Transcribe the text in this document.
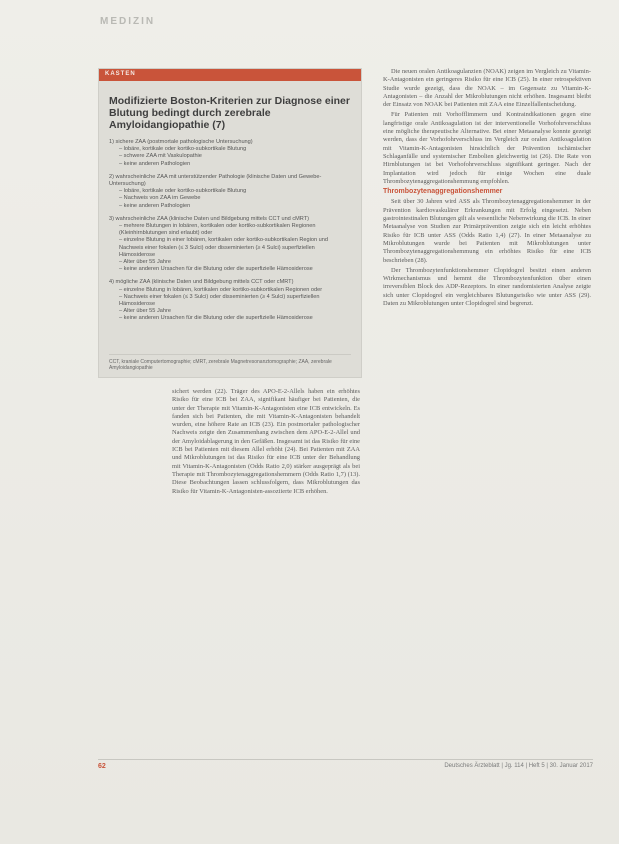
MEDIZIN
KASTEN
Modifizierte Boston-Kriterien zur Diagnose einer Blutung bedingt durch zerebrale Amyloidangiopathie (7)

1) sichere ZAA (postmortale pathologische Untersuchung)

– lobäre, kortikale oder kortiko-subkortikale Blutung

– schwere ZAA mit Vaskulopathie

– keine anderen Pathologien

2) wahrscheinliche ZAA mit unterstützender Pathologie (klinische Daten und Gewebe-Untersuchung)

– lobäre, kortikale oder kortiko-subkortikale Blutung

– Nachweis von ZAA im Gewebe

– keine anderen Pathologien

3) wahrscheinliche ZAA (klinische Daten und Bildgebung mittels CCT und cMRT)

– mehrere Blutungen in lobären, kortikalen oder kortiko-subkortikalen Regionen (Kleinhirnblutungen sind erlaubt) oder

– einzelne Blutung in einer lobären, kortikalen oder kortiko-subkortikalen Region und Nachweis einer fokalen (≤ 3 Sulci) oder disseminierten (≥ 4 Sulci) superfiziellen Hämosiderose

– Alter über 55 Jahre

– keine anderen Ursachen für die Blutung oder die superfizielle Hämosiderose

4) mögliche ZAA (klinische Daten und Bildgebung mittels CCT oder cMRT)

– einzelne Blutung in lobären, kortikalen oder kortiko-subkortikalen Regionen oder

– Nachweis einer fokalen (≤ 3 Sulci) oder disseminierten (≥ 4 Sulci) superfiziellen Hämosiderose

– Alter über 55 Jahre

– keine anderen Ursachen für die Blutung oder die superfizielle Hämosiderose

CCT, kraniale Computertomographie; cMRT, zerebrale Magnetresonanztomographie; ZAA, zerebrale Amyloidangiopathie

Die neuen oralen Antikoagulanzien (NOAK) zeigen im Vergleich zu Vitamin-K-Antagonisten ein geringeres Risiko für eine ICB (25). In einer retrospektiven Studie wurde gezeigt, dass die NOAK – im Gegensatz zu Vitamin-K-Antagonisten – die Anzahl der Mikroblutungen nicht erhöhen. Insgesamt bleibt der Einsatz von NOAK bei Patienten mit ZAA eine Einzelfallentscheidung.

Für Patienten mit Vorhofflimmern und Kontraindikationen gegen eine langfristige orale Antikoagulation ist der interventionelle Vorhofohrverschluss eine mögliche therapeutische Alternative. Bei einer Metaanalyse konnte gezeigt werden, dass der Vorhofohrverschluss im Vergleich zur oralen Antikoagulation mit Vitamin-K-Antagonisten hinsichtlich der Prävention ischämischer Schlaganfälle und systemischer Embolien gleichwertig ist (26). Die Rate von Hirnblutungen ist bei Vorhofohrverschluss signifikant geringer. Nach der Implantation wird jedoch für einige Wochen eine duale Thrombozytenaggregationshemmung empfohlen.

Thrombozytenaggregationshemmer

Seit über 30 Jahren wird ASS als Thrombozytenaggregationshemmer in der Prävention kardiovaskulärer Erkrankungen mit Erfolg eingesetzt. Neben gastrointestinalen Blutungen gilt als wesentliche Nebenwirkung die ICB. In einer Metaanalyse von Studien zur Primärprävention zeigte sich ein leicht erhöhtes Risiko für ICB unter ASS (Odds Ratio 1,4) (27). In einer Metaanalyse zu Mikroblutungen wurde bei Patienten mit Mikroblutungen unter Thrombozytenaggregationshemmung ein erhöhtes Risiko für eine ICB beschrieben (28).

Der Thrombozytenfunktionshemmer Clopidogrel besitzt einen anderen Wirkmechanismus und hemmt die Thrombozytenfunktion über einen irreversiblen Block des ADP-Rezeptors. In einer randomisierten Analyse zeigte sich unter Clopidogrel ein vergleichbares Blutungsrisiko wie unter ASS (29). Daten zu Mikroblutungen unter Clopidogrel sind begrenzt.

sichert werden (22). Träger des APO-E-2-Allels haben ein erhöhtes Risiko für eine ICB bei ZAA, signifikant häufiger bei Patienten, die unter der Therapie mit Vitamin-K-Antagonisten eine ICB entwickeln. Es fanden sich bei Patienten, die mit Vitamin-K-Antagonisten behandelt wurden, eine höhere Rate an ICB (23). Ein postmortaler pathologischer Nachweis zeigte den Zusammenhang zwischen dem APO-E-2-Allel und der Amyloidablagerung in den Gefäßen. Insgesamt ist das Risiko für eine ICB bei Patienten mit diesem Allel erhöht (24). Bei Patienten mit ZAA und Mikroblutungen ist das Risiko für eine ICB unter der Behandlung mit Vitamin-K-Antagonisten (Odds Ratio 2,0) stärker ausgeprägt als bei Therapie mit Thrombozytenaggregationshemmern (Odds Ratio 1,7) (13). Diese Beobachtungen lassen schlussfolgern, dass Mikroblutungen das Risiko für Vitamin-K-Antagonisten-assoziierte ICB erhöhen.

62	Deutsches Ärzteblatt | Jg. 114 | Heft 5 | 30. Januar 2017
